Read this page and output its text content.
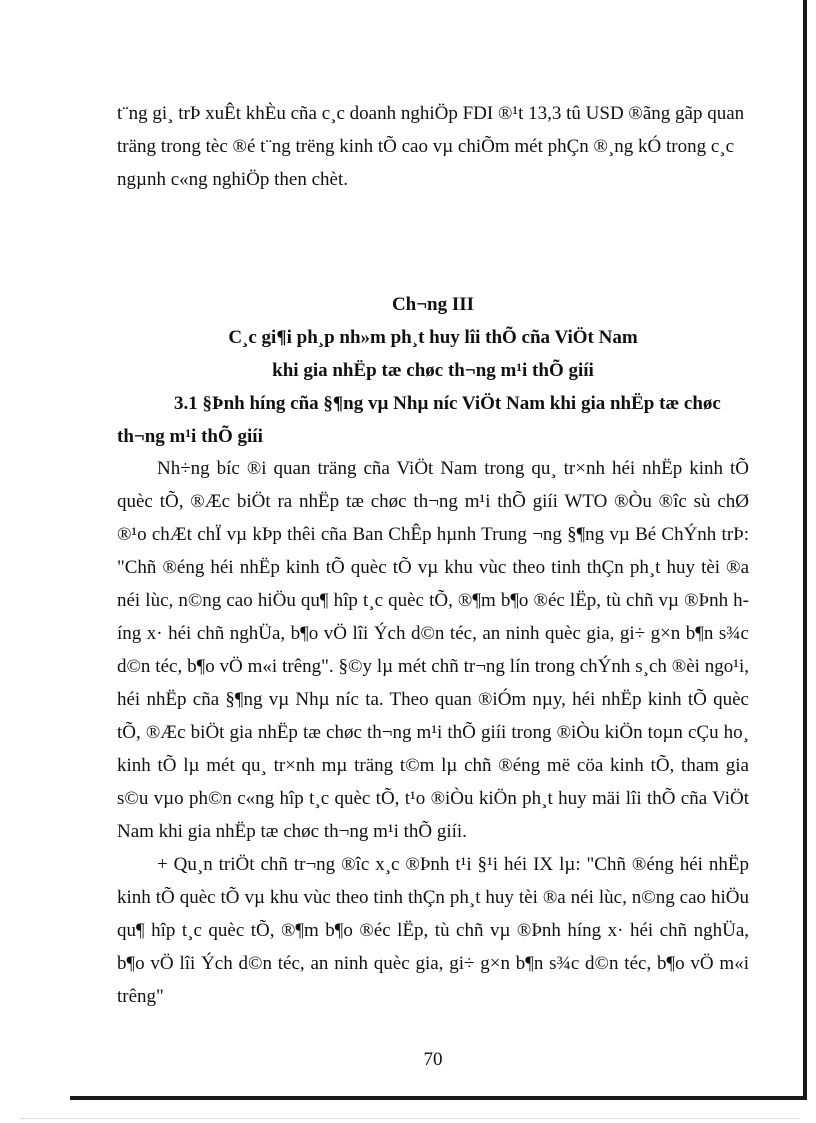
t¨ng gi¸ trÞ xuÊt khÈu cña c¸c doanh nghiÖp FDI ®¹t 13,3 tû USD ®ãng gãp quan
träng trong tèc ®é t¨ng trëng kinh tÕ cao vµ chiÕm mét phÇn ®¸ng kÓ trong c¸c
ngµnh c«ng nghiÖp then chèt.
Ch¬ng III
C¸c gi¶i ph¸p nh»m ph¸t huy lîi thÕ cña ViÖt Nam
khi gia nhËp tæ chøc th¬ng m¹i thÕ giíi
3.1 §Þnh híng cña §¶ng vµ Nhµ níc ViÖt Nam khi gia nhËp tæ chøc
th¬ng m¹i thÕ giíi

Nh÷ng bíc ®i quan träng cña ViÖt Nam trong qu¸ tr×nh héi nhËp kinh tÕ quèc tÕ, ®Æc biÖt ra nhËp tæ chøc th¬ng m¹i thÕ giíi WTO ®Òu ®îc sù chØ ®¹o chÆt chÏ vµ kÞp thêi cña Ban ChÊp hµnh Trung ¬ng §¶ng vµ Bé ChÝnh trÞ: "Chñ ®éng héi nhËp kinh tÕ quèc tÕ vµ khu vùc theo tinh thÇn ph¸t huy tèi ®a néi lùc, n©ng cao hiÖu qu¶ hîp t¸c quèc tÕ, ®¶m b¶o ®éc lËp, tù chñ vµ ®Þnh híng x· héi chñ nghÜa, b¶o vÖ lîi Ých d©n téc, an ninh quèc gia, gi÷ g×n b¶n s¾c d©n téc, b¶o vÖ m«i trêng". §©y lµ mét chñ tr¬ng lín trong chÝnh s¸ch ®èi ngo¹i, héi nhËp cña §¶ng vµ Nhµ níc ta. Theo quan ®iÓm nµy, héi nhËp kinh tÕ quèc tÕ, ®Æc biÖt gia nhËp tæ chøc th¬ng m¹i thÕ giíi trong ®iÒu kiÖn toµn cÇu ho¸ kinh tÕ lµ mét qu¸ tr×nh mµ träng t©m lµ chñ ®éng më cöa kinh tÕ, tham gia s©u vµo ph©n c«ng hîp t¸c quèc tÕ, t¹o ®iÒu kiÖn ph¸t huy mäi lîi thÕ cña ViÖt Nam khi gia nhËp tæ chøc th¬ng m¹i thÕ giíi.

+ Qu¸n triÖt chñ tr¬ng ®îc x¸c ®Þnh t¹i §¹i héi IX lµ: "Chñ ®éng héi nhËp kinh tÕ quèc tÕ vµ khu vùc theo tinh thÇn ph¸t huy tèi ®a néi lùc, n©ng cao hiÖu qu¶ hîp t¸c quèc tÕ, ®¶m b¶o ®éc lËp, tù chñ vµ ®Þnh híng x· héi chñ nghÜa, b¶o vÖ lîi Ých d©n téc, an ninh quèc gia, gi÷ g×n b¶n s¾c d©n téc, b¶o vÖ m«i trêng"

70
